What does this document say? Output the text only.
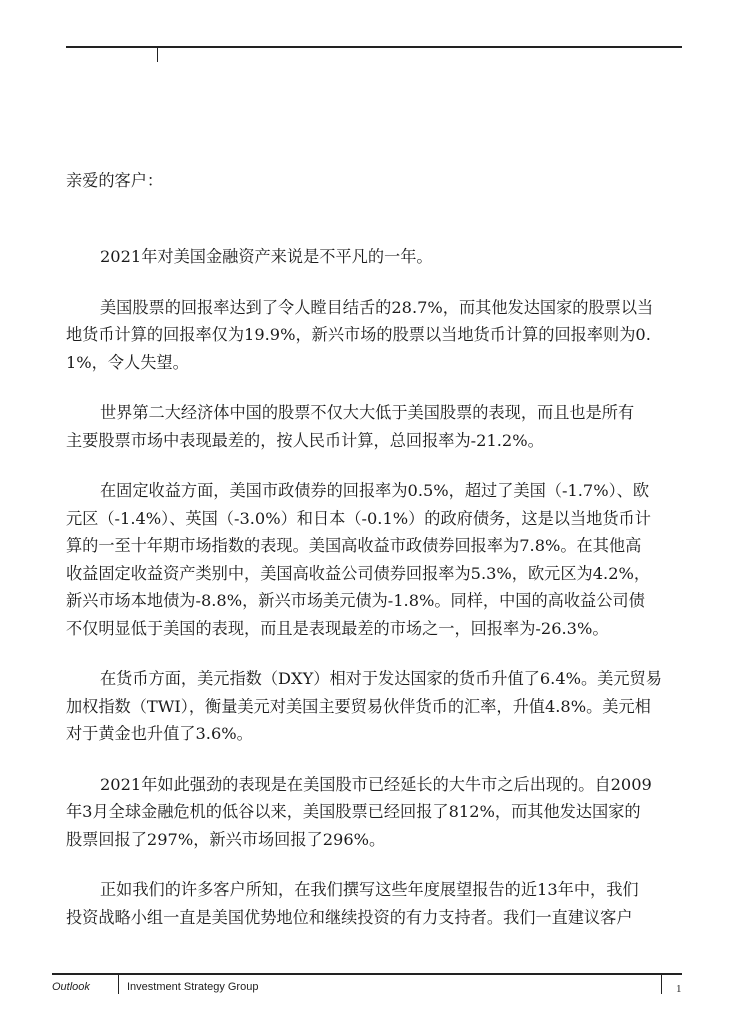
亲爱的客户：

2021年对美国金融资产来说是不平凡的一年。
美国股票的回报率达到了令人瞠目结舌的28.7%，而其他发达国家的股票以当
地货币计算的回报率仅为19.9%，新兴市场的股票以当地货币计算的回报率则为0.
1%，令人失望。
世界第二大经济体中国的股票不仅大大低于美国股票的表现，而且也是所有
主要股票市场中表现最差的，按人民币计算，总回报率为-21.2%。
在固定收益方面，美国市政债券的回报率为0.5%，超过了美国（-1.7%）、欧
元区（-1.4%）、英国（-3.0%）和日本（-0.1%）的政府债务，这是以当地货币计
算的一至十年期市场指数的表现。美国高收益市政债券回报率为7.8%。在其他高
收益固定收益资产类别中，美国高收益公司债券回报率为5.3%，欧元区为4.2%，
新兴市场本地债为-8.8%，新兴市场美元债为-1.8%。同样，中国的高收益公司债
不仅明显低于美国的表现，而且是表现最差的市场之一，回报率为-26.3%。
在货币方面，美元指数（DXY）相对于发达国家的货币升值了6.4%。美元贸易
加权指数（TWI），衡量美元对美国主要贸易伙伴货币的汇率，升值4.8%。美元相
对于黄金也升值了3.6%。
2021年如此强劲的表现是在美国股市已经延长的大牛市之后出现的。自2009
年3月全球金融危机的低谷以来，美国股票已经回报了812%，而其他发达国家的
股票回报了297%，新兴市场回报了296%。
正如我们的许多客户所知，在我们撰写这些年度展望报告的近13年中，我们
投资战略小组一直是美国优势地位和继续投资的有力支持者。我们一直建议客户
Outlook	Investment Strategy Group	1
